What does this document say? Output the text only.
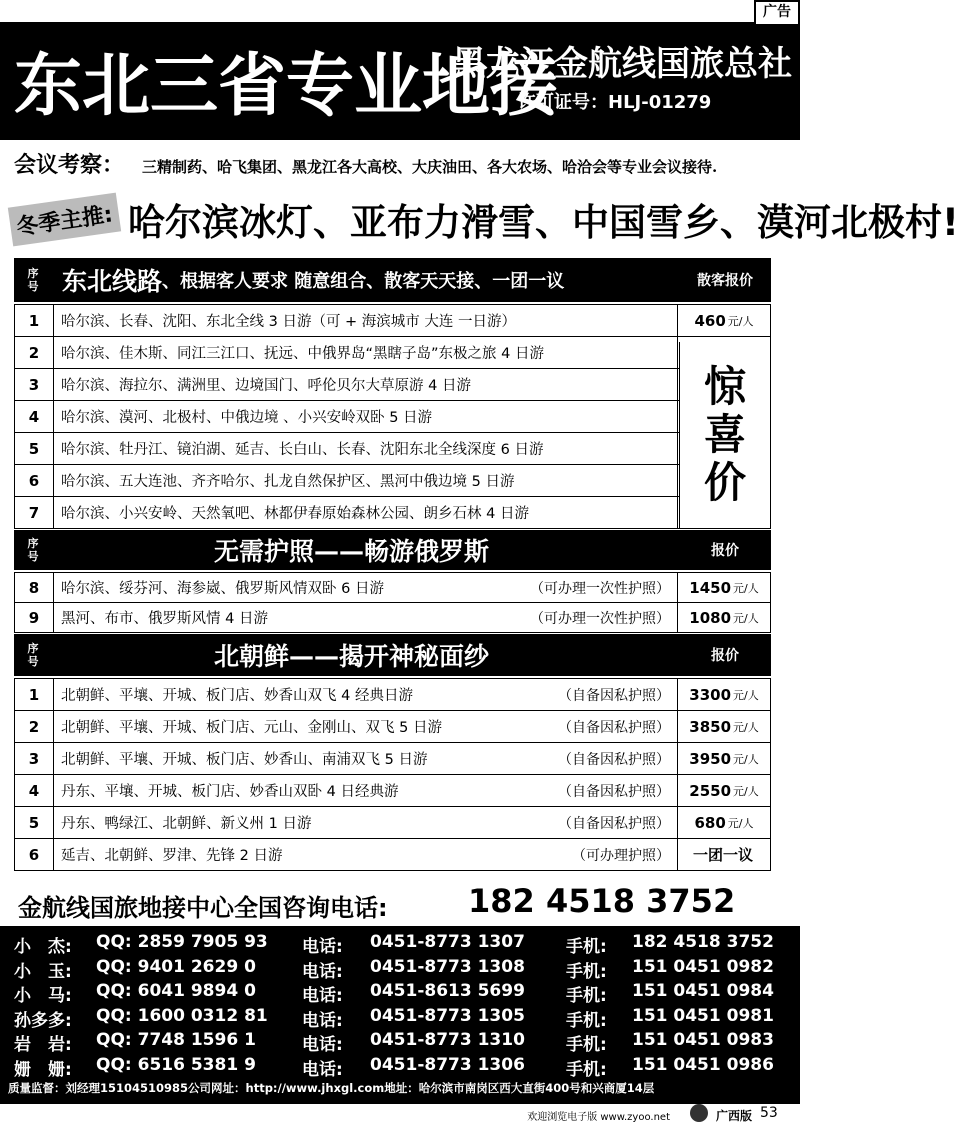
广告
东北三省专业地接
黑龙江金航线国旅总社
许可证号：HLJ-01279
会议考察： 三精制药、哈飞集团、黑龙江各大高校、大庆油田、各大农场、哈洽会等专业会议接待.
冬季主推: 哈尔滨冰灯、亚布力滑雪、中国雪乡、漠河北极村!
序
号 东北线路 、根据客人要求 随意组合、散客天天接、一团一议	散客报价
1	哈尔滨、长春、沈阳、东北全线 3 日游（可 + 海滨城市 大连 一日游）	460 元/人
2	哈尔滨、佳木斯、同江三江口、抚远、中俄界岛“黑瞎子岛”东极之旅 4 日游
3	哈尔滨、海拉尔、满洲里、边境国门、呼伦贝尔大草原游 4 日游
4	哈尔滨、漠河、北极村、中俄边境 、小兴安岭双卧 5 日游
5	哈尔滨、牡丹江、镜泊湖、延吉、长白山、长春、沈阳东北全线深度 6 日游
6	哈尔滨、五大连池、齐齐哈尔、扎龙自然保护区、黑河中俄边境 5 日游
7	哈尔滨、小兴安岭、天然氧吧、林都伊春原始森林公园、朗乡石林 4 日游
惊
喜
价
序
号	无需护照——畅游俄罗斯	报价
8	哈尔滨、绥芬河、海参崴、俄罗斯风情双卧 6 日游	（可办理一次性护照） 1450 元/人
9	黑河、布市、俄罗斯风情 4 日游	（可办理一次性护照） 1080 元/人
序
号	北朝鲜——揭开神秘面纱	报价
1	北朝鲜、平壤、开城、板门店、妙香山双飞 4 经典日游	（自备因私护照） 3300 元/人
2	北朝鲜、平壤、开城、板门店、元山、金刚山、双飞 5 日游	（自备因私护照） 3850 元/人
3	北朝鲜、平壤、开城、板门店、妙香山、南浦双飞 5 日游	（自备因私护照） 3950 元/人
4	丹东、平壤、开城、板门店、妙香山双卧 4 日经典游	（自备因私护照） 2550 元/人
5	丹东、鸭绿江、北朝鲜、新义州 1 日游	（自备因私护照） 680 元/人
6	延吉、北朝鲜、罗津、先锋 2 日游	（可办理护照） 一团一议
金航线国旅地接中心全国咨询电话:	182 4518 3752
小　杰: QQ: 2859 7905 93 电话: 0451-8773 1307 手机: 182 4518 3752
小　玉: QQ: 9401 2629 0	电话: 0451-8773 1308 手机: 151 0451 0982
小　马: QQ: 6041 9894 0	电话: 0451-8613 5699 手机: 151 0451 0984
孙多多: QQ: 1600 0312 81 电话: 0451-8773 1305 手机: 151 0451 0981
岩　岩: QQ: 7748 1596 1	电话: 0451-8773 1310 手机: 151 0451 0983
姗　姗: QQ: 6516 5381 9	电话: 0451-8773 1306 手机: 151 0451 0986
质量监督：刘经理15104510985公司网址：http://www.jhxgl.com地址：哈尔滨市南岗区西大直街400号和兴商厦14层
欢迎浏览电子版 www.zyoo.net	广西版 53
